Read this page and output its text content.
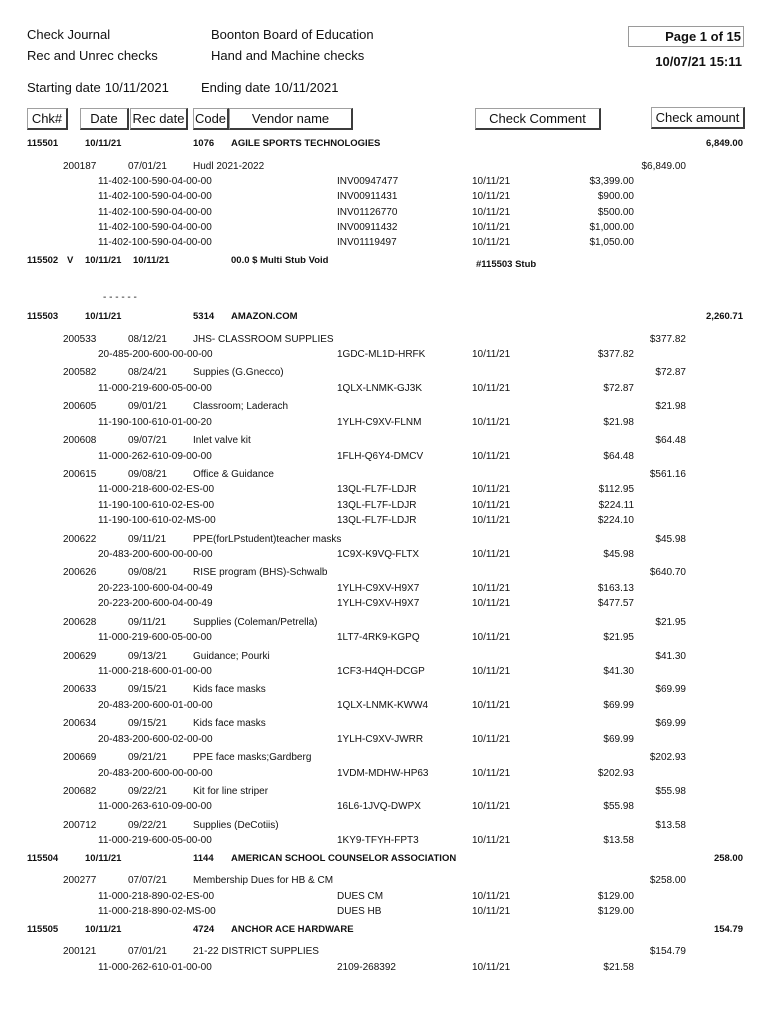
Check Journal
Rec and Unrec checks
Boonton Board of Education
Hand and Machine checks
Page 1 of 15
10/07/21 15:11
Starting date 10/11/2021 Ending date 10/11/2021
Chk#	Date	Rec date Code	Vendor name	Check Comment	Check amount
115501	10/11/21	1076 AGILE SPORTS TECHNOLOGIES	6,849.00
200187	07/01/21	Hudl 2021-2022	$6,849.00
11-402-100-590-04-00-00	INV00947477	10/11/21	$3,399.00
11-402-100-590-04-00-00	INV00911431	10/11/21	$900.00
11-402-100-590-04-00-00	INV01126770	10/11/21	$500.00
11-402-100-590-04-00-00	INV00911432	10/11/21	$1,000.00
11-402-100-590-04-00-00	INV01119497	10/11/21	$1,050.00
115502 V 10/11/21 10/11/21	00.0 $ Multi Stub Void	#115503 Stub
- - - - - -
115503	10/11/21	5314 AMAZON.COM	2,260.71
200533	08/12/21	JHS- CLASSROOM SUPPLIES	$377.82
20-485-200-600-00-00-00	1GDC-ML1D-HRFK	10/11/21	$377.82
200582	08/24/21	Suppies (G.Gnecco)	$72.87
11-000-219-600-05-00-00	1QLX-LNMK-GJ3K	10/11/21	$72.87
200605	09/01/21	Classroom; Laderach	$21.98
11-190-100-610-01-00-20	1YLH-C9XV-FLNM	10/11/21	$21.98
200608	09/07/21	Inlet valve kit	$64.48
11-000-262-610-09-00-00	1FLH-Q6Y4-DMCV	10/11/21	$64.48
200615	09/08/21	Office & Guidance	$561.16
11-000-218-600-02-ES-00	13QL-FL7F-LDJR	10/11/21	$112.95
11-190-100-610-02-ES-00	13QL-FL7F-LDJR	10/11/21	$224.11
11-190-100-610-02-MS-00	13QL-FL7F-LDJR	10/11/21	$224.10
200622	09/11/21	PPE(forLPstudent)teacher masks	$45.98
20-483-200-600-00-00-00	1C9X-K9VQ-FLTX	10/11/21	$45.98
200626	09/08/21	RISE program (BHS)-Schwalb	$640.70
20-223-100-600-04-00-49	1YLH-C9XV-H9X7	10/11/21	$163.13
20-223-200-600-04-00-49	1YLH-C9XV-H9X7	10/11/21	$477.57
200628	09/11/21	Supplies (Coleman/Petrella)	$21.95
11-000-219-600-05-00-00	1LT7-4RK9-KGPQ	10/11/21	$21.95
200629	09/13/21	Guidance; Pourki	$41.30
11-000-218-600-01-00-00	1CF3-H4QH-DCGP	10/11/21	$41.30
200633	09/15/21	Kids face masks	$69.99
20-483-200-600-01-00-00	1QLX-LNMK-KWW4	10/11/21	$69.99
200634	09/15/21	Kids face masks	$69.99
20-483-200-600-02-00-00	1YLH-C9XV-JWRR	10/11/21	$69.99
200669	09/21/21	PPE face masks;Gardberg	$202.93
20-483-200-600-00-00-00	1VDM-MDHW-HP63	10/11/21	$202.93
200682	09/22/21	Kit for line striper	$55.98
11-000-263-610-09-00-00	16L6-1JVQ-DWPX	10/11/21	$55.98
200712	09/22/21	Supplies (DeCotiis)	$13.58
11-000-219-600-05-00-00	1KY9-TFYH-FPT3	10/11/21	$13.58
115504	10/11/21	1144 AMERICAN SCHOOL COUNSELOR ASSOCIATION	258.00
200277	07/07/21	Membership Dues for HB & CM	$258.00
11-000-218-890-02-ES-00	DUES CM	10/11/21	$129.00
11-000-218-890-02-MS-00	DUES HB	10/11/21	$129.00
115505	10/11/21	4724 ANCHOR ACE HARDWARE	154.79
200121	07/01/21	21-22 DISTRICT SUPPLIES	$154.79
11-000-262-610-01-00-00	2109-268392	10/11/21	$21.58
